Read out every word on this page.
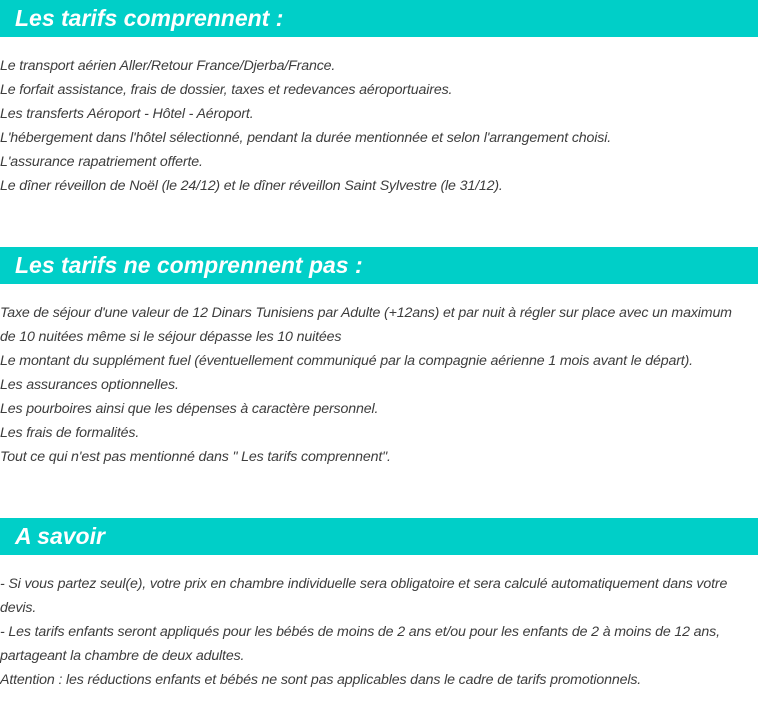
Les tarifs comprennent :
Le transport aérien Aller/Retour France/Djerba/France.
Le forfait assistance, frais de dossier, taxes et redevances aéroportuaires.
Les transferts Aéroport - Hôtel - Aéroport.
L'hébergement dans l'hôtel sélectionné, pendant la durée mentionnée et selon l'arrangement choisi.
L'assurance rapatriement offerte.
Le dîner réveillon de Noël (le 24/12) et le dîner réveillon Saint Sylvestre (le 31/12).
Les tarifs ne comprennent pas :
Taxe de séjour d'une valeur de 12 Dinars Tunisiens par Adulte (+12ans) et par nuit à régler sur place avec un maximum
de 10 nuitées même si le séjour dépasse les 10 nuitées
Le montant du supplément fuel (éventuellement communiqué par la compagnie aérienne 1 mois avant le départ).
Les assurances optionnelles.
Les pourboires ainsi que les dépenses à caractère personnel.
Les frais de formalités.
Tout ce qui n'est pas mentionné dans " Les tarifs comprennent".
A savoir
- Si vous partez seul(e), votre prix en chambre individuelle sera obligatoire et sera calculé automatiquement dans votre
devis.
- Les tarifs enfants seront appliqués pour les bébés de moins de 2 ans et/ou pour les enfants de 2 à moins de 12 ans,
partageant la chambre de deux adultes.
Attention : les réductions enfants et bébés ne sont pas applicables dans le cadre de tarifs promotionnels.
